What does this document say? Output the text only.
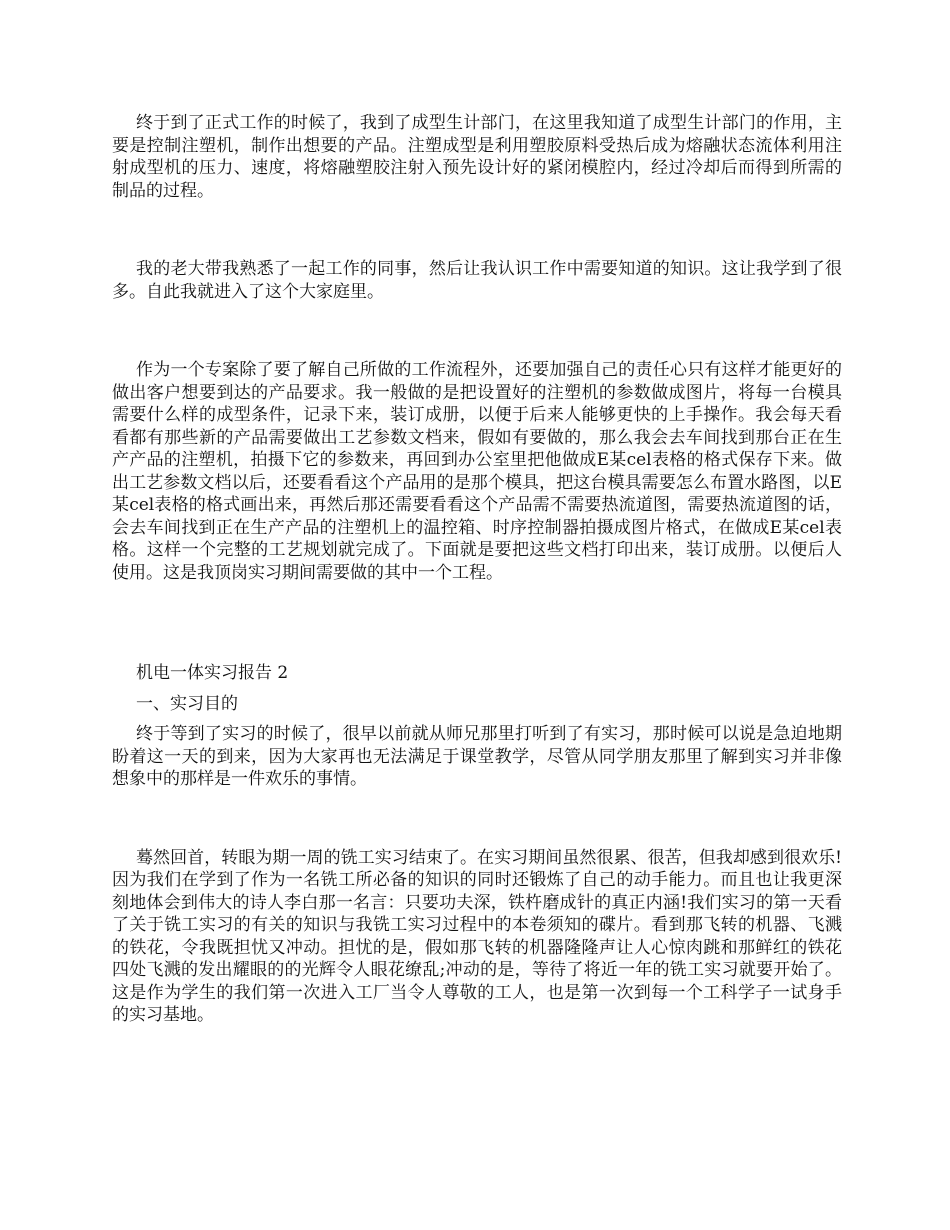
终于到了正式工作的时候了，我到了成型生计部门，在这里我知道了成型生计部门的作用，主要是控制注塑机，制作出想要的产品。注塑成型是利用塑胶原料受热后成为熔融状态流体利用注射成型机的压力、速度，将熔融塑胶注射入预先设计好的紧闭模腔内，经过冷却后而得到所需的制品的过程。

我的老大带我熟悉了一起工作的同事，然后让我认识工作中需要知道的知识。这让我学到了很多。自此我就进入了这个大家庭里。

作为一个专案除了要了解自己所做的工作流程外，还要加强自己的责任心只有这样才能更好的做出客户想要到达的产品要求。我一般做的是把设置好的注塑机的参数做成图片，将每一台模具需要什么样的成型条件，记录下来，装订成册，以便于后来人能够更快的上手操作。我会每天看看都有那些新的产品需要做出工艺参数文档来，假如有要做的，那么我会去车间找到那台正在生产产品的注塑机，拍摄下它的参数来，再回到办公室里把他做成E某cel表格的格式保存下来。做出工艺参数文档以后，还要看看这个产品用的是那个模具，把这台模具需要怎么布置水路图，以E某cel表格的格式画出来，再然后那还需要看看这个产品需不需要热流道图，需要热流道图的话，会去车间找到正在生产产品的注塑机上的温控箱、时序控制器拍摄成图片格式，在做成E某cel表格。这样一个完整的工艺规划就完成了。下面就是要把这些文档打印出来，装订成册。以便后人使用。这是我顶岗实习期间需要做的其中一个工程。

机电一体实习报告 2

一、实习目的

终于等到了实习的时候了，很早以前就从师兄那里打听到了有实习，那时候可以说是急迫地期盼着这一天的到来，因为大家再也无法满足于课堂教学，尽管从同学朋友那里了解到实习并非像想象中的那样是一件欢乐的事情。

蓦然回首，转眼为期一周的铣工实习结束了。在实习期间虽然很累、很苦，但我却感到很欢乐!因为我们在学到了作为一名铣工所必备的知识的同时还锻炼了自己的动手能力。而且也让我更深刻地体会到伟大的诗人李白那一名言：只要功夫深，铁杵磨成针的真正内涵!我们实习的第一天看了关于铣工实习的有关的知识与我铣工实习过程中的本卷须知的碟片。看到那飞转的机器、飞溅的铁花，令我既担忧又冲动。担忧的是，假如那飞转的机器隆隆声让人心惊肉跳和那鲜红的铁花四处飞溅的发出耀眼的的光辉令人眼花缭乱;冲动的是，等待了将近一年的铣工实习就要开始了。这是作为学生的我们第一次进入工厂当令人尊敬的工人，也是第一次到每一个工科学子一试身手的实习基地。
